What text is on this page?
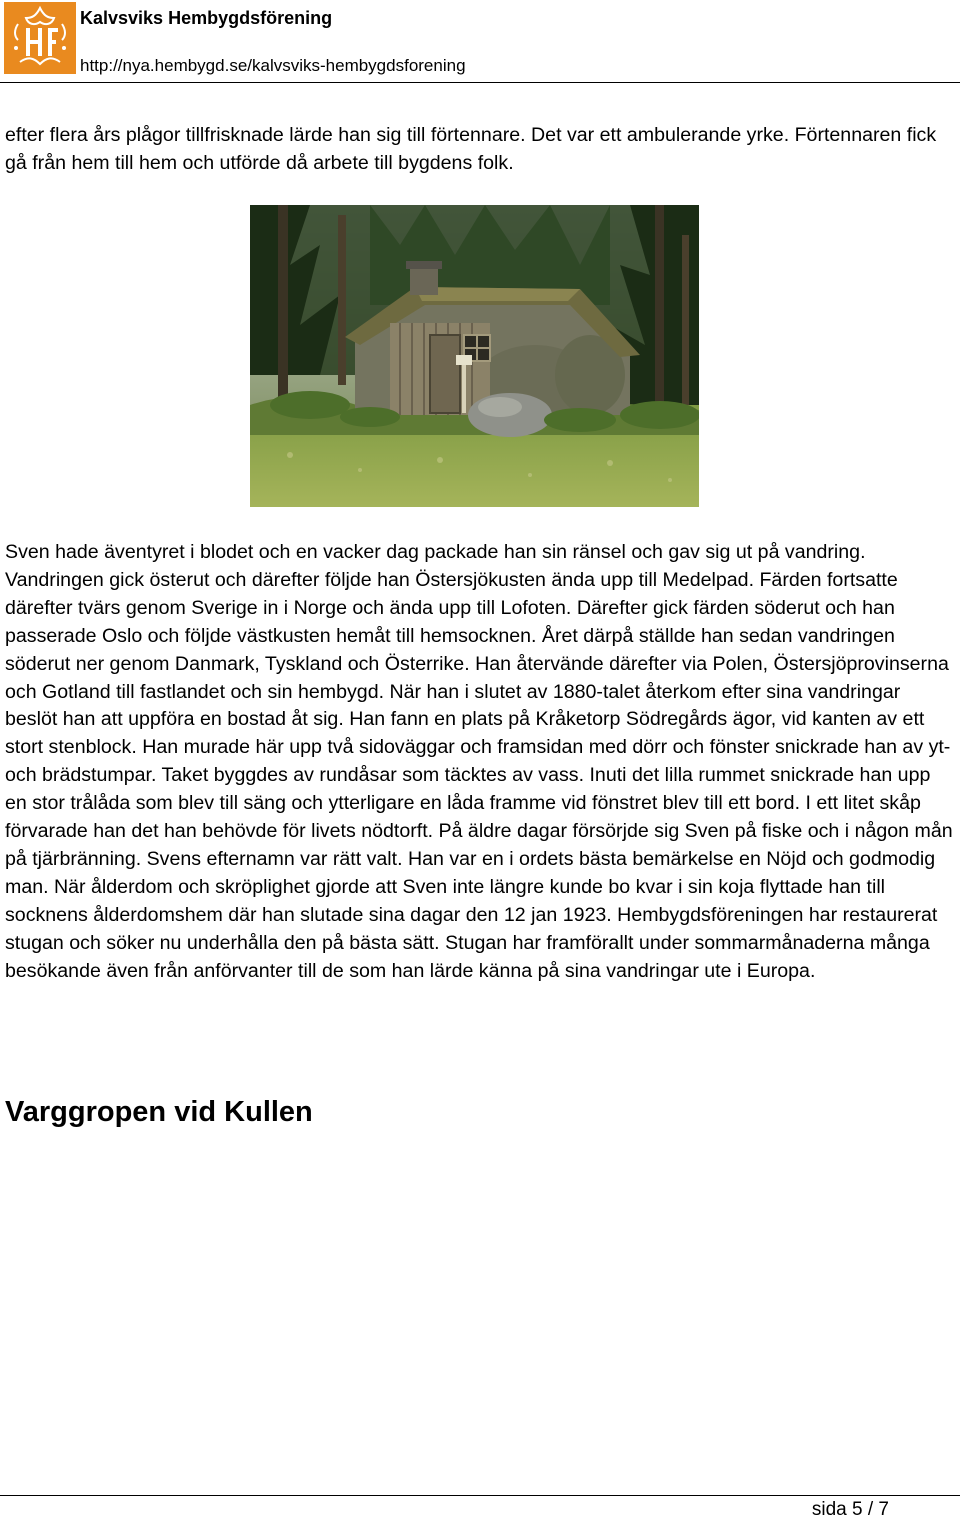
Kalvsviks Hembygdsförening
http://nya.hembygd.se/kalvsviks-hembygdsforening

efter flera års plågor tillfrisknade lärde han sig till förtennare. Det var ett ambulerande yrke. Förtennaren fick gå från hem till hem och utförde då arbete till bygdens folk.

Sven hade äventyret i blodet och en vacker dag packade han sin ränsel och gav sig ut på vandring. Vandringen gick österut och därefter följde han Östersjökusten ända upp till Medelpad. Färden fortsatte därefter tvärs genom Sverige in i Norge och ända upp till Lofoten. Därefter gick färden söderut och han passerade Oslo och följde västkusten hemåt till hemsocknen. Året därpå ställde han sedan vandringen söderut ner genom Danmark, Tyskland och Österrike. Han återvände därefter via Polen, Östersjöprovinserna och Gotland till fastlandet och sin hembygd. När han i slutet av 1880-talet återkom efter sina vandringar beslöt han att uppföra en bostad åt sig. Han fann en plats på Kråketorp Södregårds ägor, vid kanten av ett stort stenblock. Han murade här upp två sidoväggar och framsidan med dörr och fönster snickrade han av yt- och brädstumpar. Taket byggdes av rundåsar som täcktes av vass. Inuti det lilla rummet snickrade han upp en stor trålåda som blev till säng och ytterligare en låda framme vid fönstret blev till ett bord. I ett litet skåp förvarade han det han behövde för livets nödtorft. På äldre dagar försörjde sig Sven på fiske och i någon mån på tjärbränning. Svens efternamn var rätt valt. Han var en i ordets bästa bemärkelse en Nöjd och godmodig man. När ålderdom och skröplighet gjorde att Sven inte längre kunde bo kvar i sin koja flyttade han till socknens ålderdomshem där han slutade sina dagar den 12 jan 1923. Hembygdsföreningen har restaurerat stugan och söker nu underhålla den på bästa sätt. Stugan har framförallt under sommarmånaderna många besökande även från anförvanter till de som han lärde känna på sina vandringar ute i Europa.

Varggropen vid Kullen
sida 5 / 7
